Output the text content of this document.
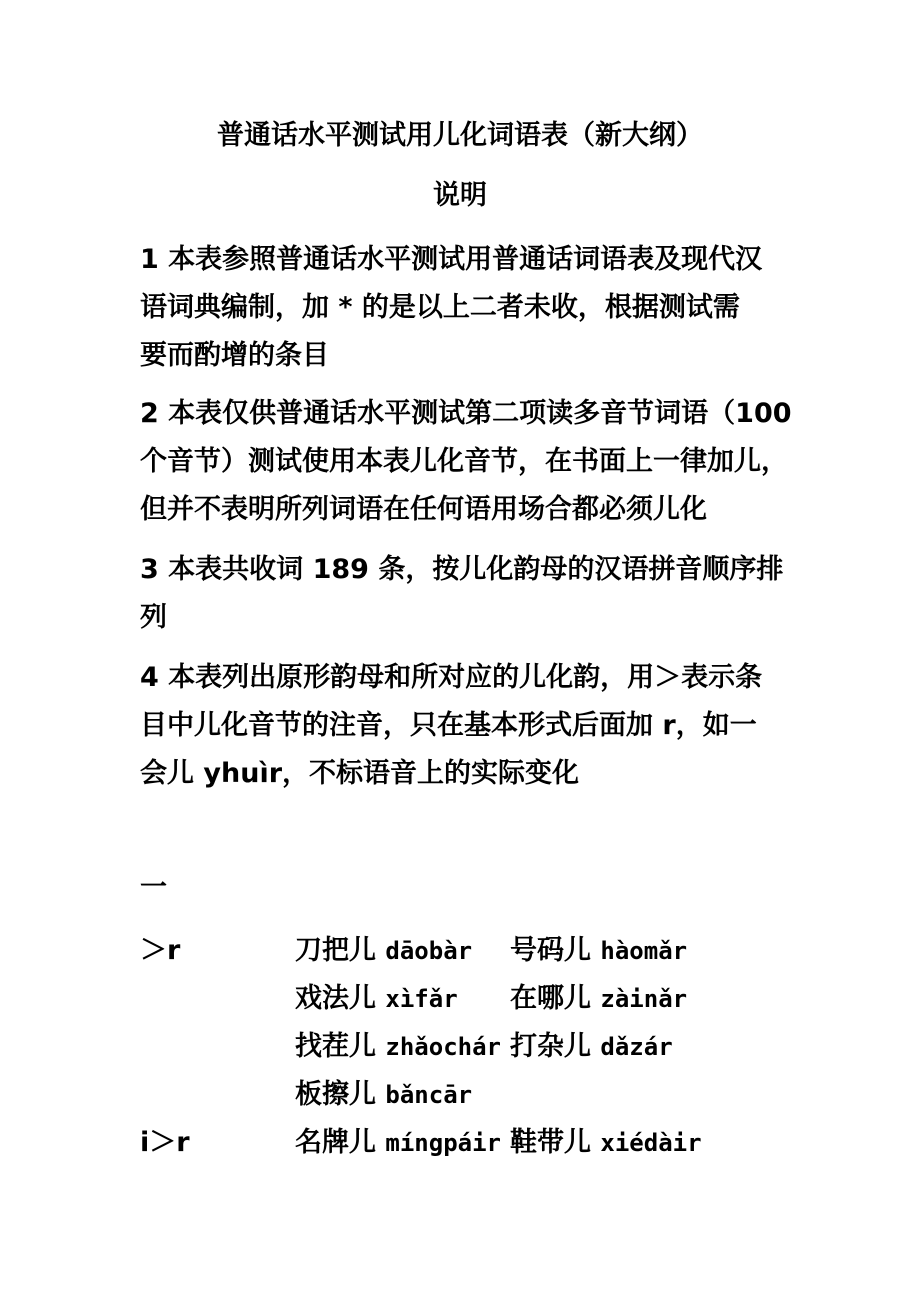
普通话水平测试用儿化词语表（新大纲）
说明
1 本表参照普通话水平测试用普通话词语表及现代汉
语词典编制，加 * 的是以上二者未收，根据测试需
要而酌增的条目
2 本表仅供普通话水平测试第二项读多音节词语（100
个音节）测试使用本表儿化音节，在书面上一律加儿，
但并不表明所列词语在任何语用场合都必须儿化
3 本表共收词 189 条，按儿化韵母的汉语拼音顺序排
列
4 本表列出原形韵母和所对应的儿化韵，用＞表示条
目中儿化音节的注音，只在基本形式后面加 r，如一
会儿 yhuìr，不标语音上的实际变化
一
＞r	刀把儿 dāobàr 号码儿 hàomǎr
戏法儿 xìfǎr 在哪儿 zàinǎr
找茬儿 zhǎochár 打杂儿 dǎzár
板擦儿 bǎncār
i＞r	名牌儿 míngpáir 鞋带儿 xiédàir
